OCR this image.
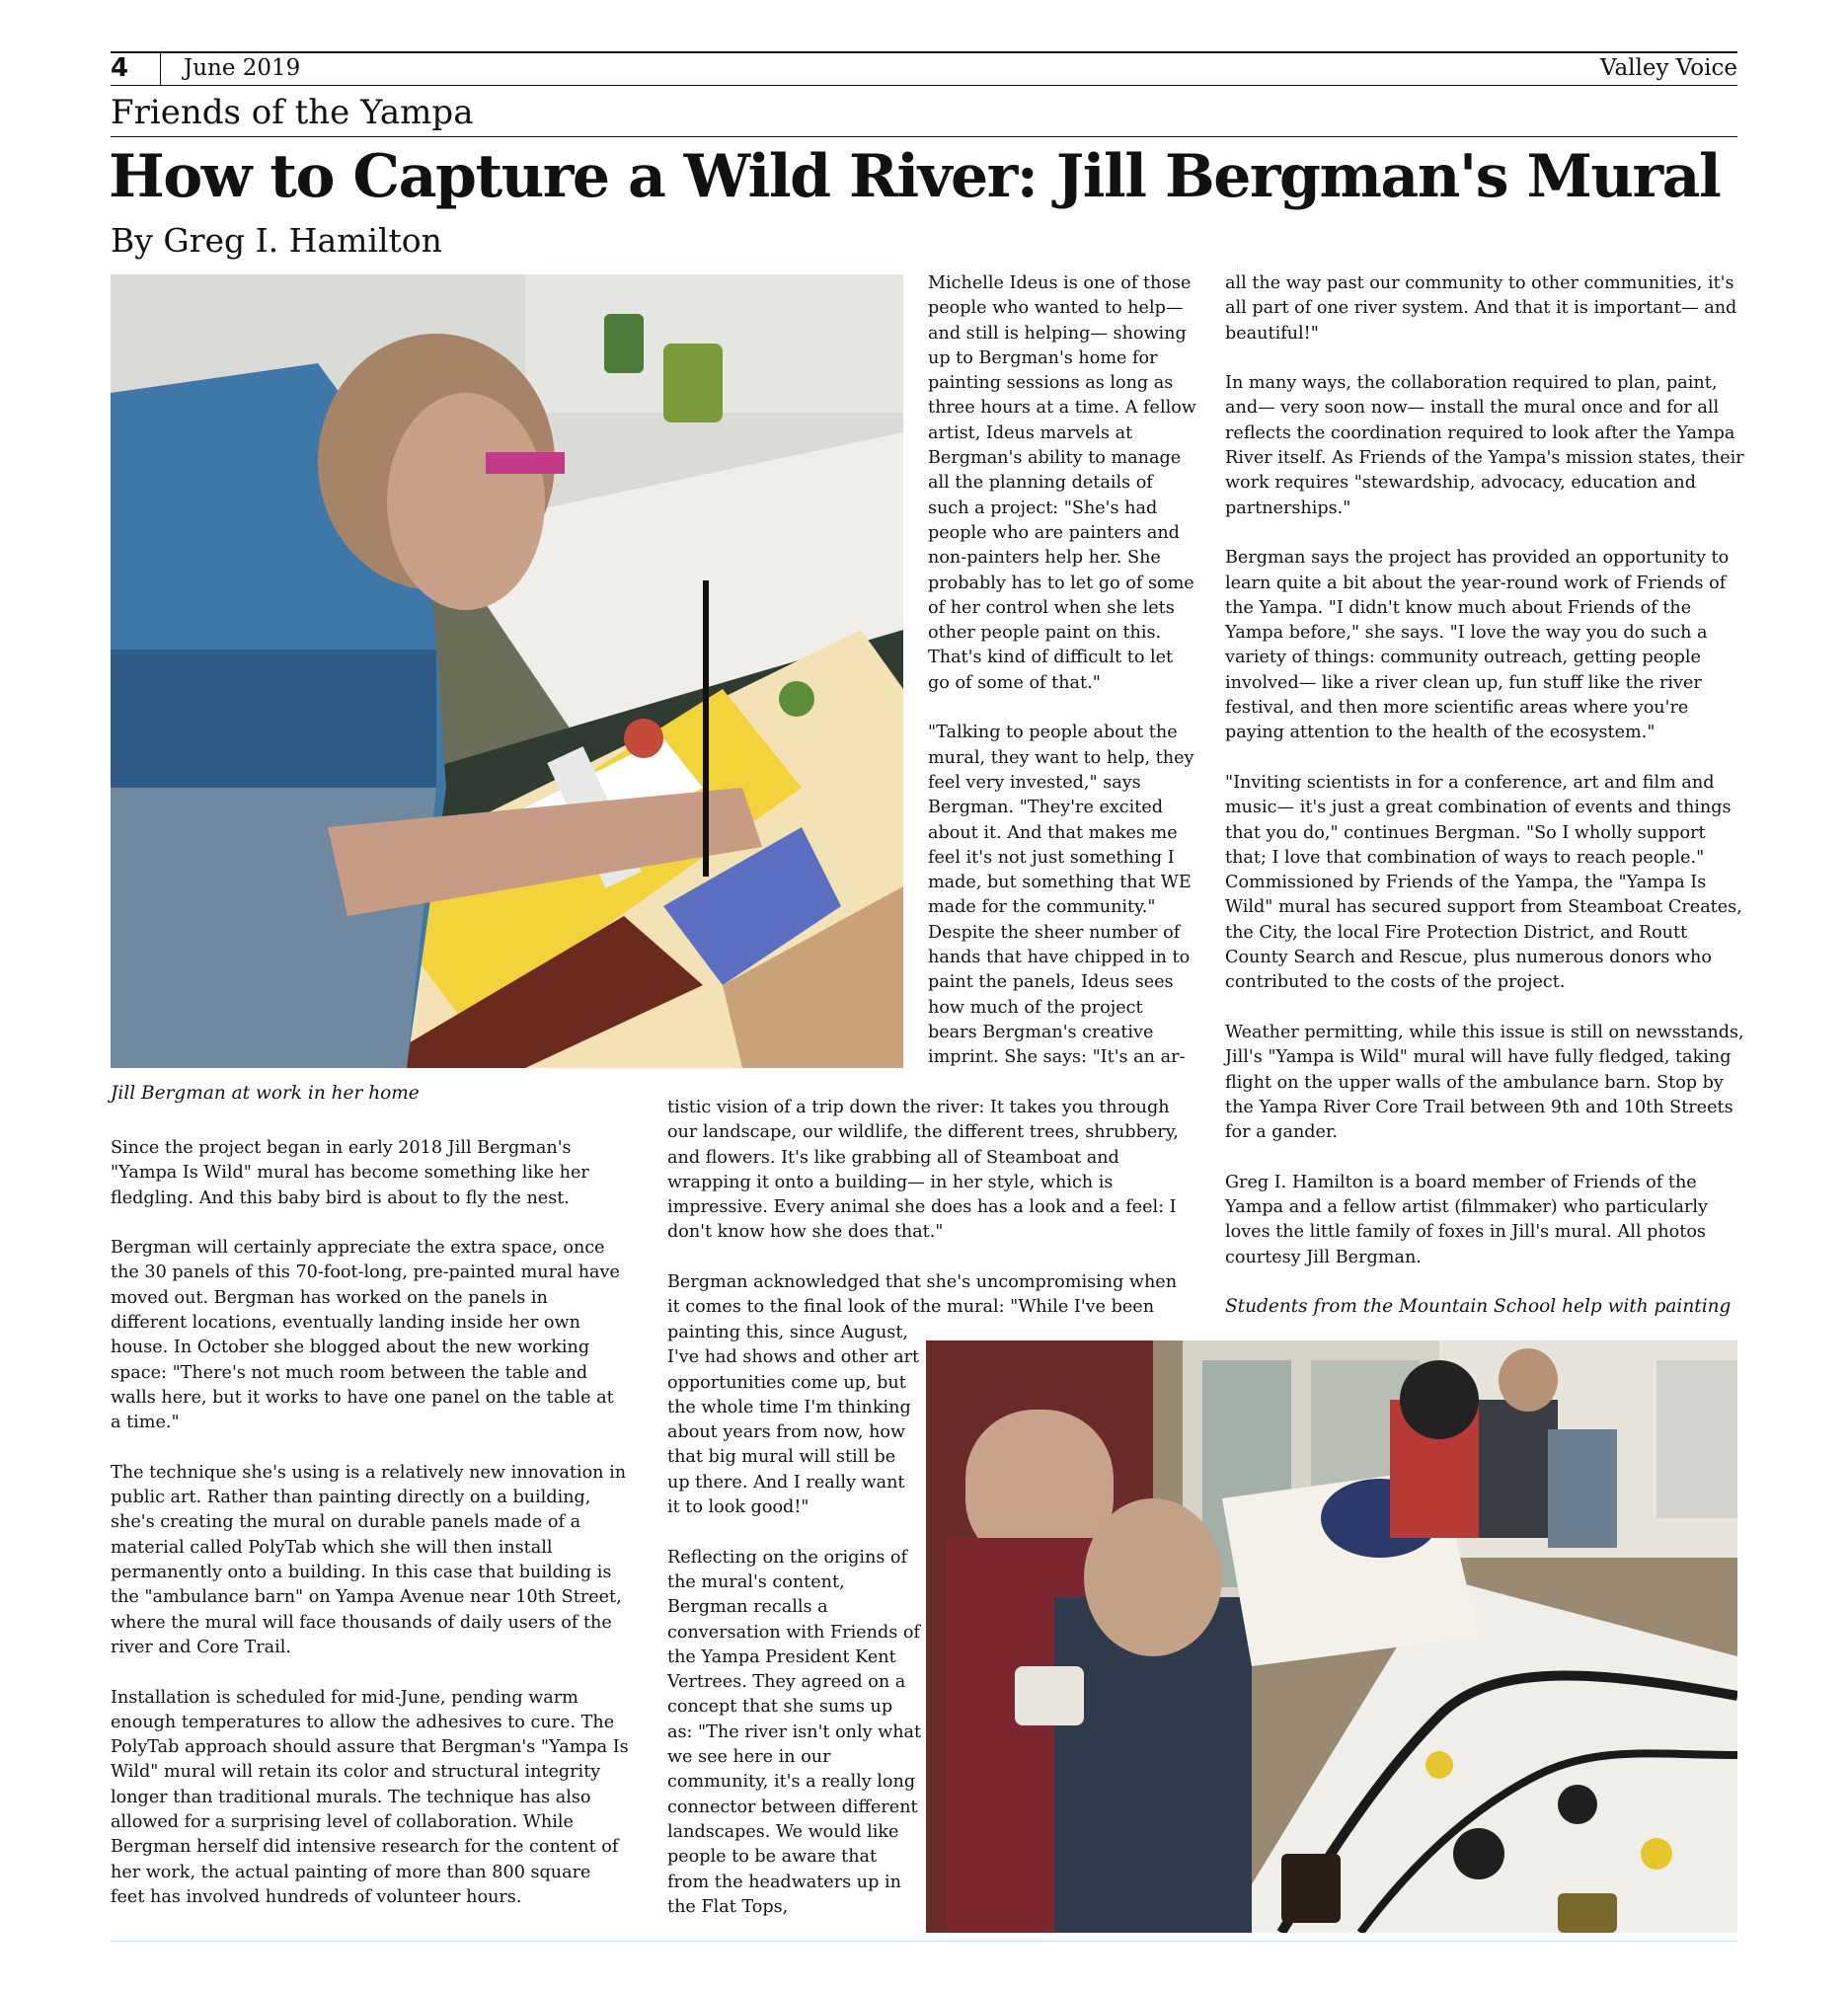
4	June 2019	Valley Voice
Friends of the Yampa
How to Capture a Wild River: Jill Bergman's Mural
By Greg I. Hamilton
Jill Bergman at work in her home

Since the project began in early 2018 Jill Bergman's "Yampa Is Wild" mural has become something like her fledgling. And this baby bird is about to fly the nest.

Bergman will certainly appreciate the extra space, once the 30 panels of this 70-foot-long, pre-painted mural have moved out. Bergman has worked on the panels in different locations, eventually landing inside her own house. In October she blogged about the new working space: "There's not much room between the table and walls here, but it works to have one panel on the table at a time."

The technique she's using is a relatively new innovation in public art. Rather than painting directly on a building, she's creating the mural on durable panels made of a material called PolyTab which she will then install permanently onto a building. In this case that building is the "ambulance barn" on Yampa Avenue near 10th Street, where the mural will face thousands of daily users of the river and Core Trail.

Installation is scheduled for mid-June, pending warm enough temperatures to allow the adhesives to cure. The PolyTab approach should assure that Bergman's "Yampa Is Wild" mural will retain its color and structural integrity longer than traditional murals. The technique has also allowed for a surprising level of collaboration. While Bergman herself did intensive research for the content of her work, the actual painting of more than 800 square feet has involved hundreds of volunteer hours.

Michelle Ideus is one of those people who wanted to help— and still is helping— showing up to Bergman's home for painting sessions as long as three hours at a time. A fellow artist, Ideus marvels at Bergman's ability to manage all the planning details of such a project: "She's had people who are painters and non-painters help her. She probably has to let go of some of her control when she lets other people paint on this. That's kind of difficult to let go of some of that."

"Talking to people about the mural, they want to help, they feel very invested," says Bergman. "They're excited about it. And that makes me feel it's not just something I made, but something that WE made for the community." Despite the sheer number of hands that have chipped in to paint the panels, Ideus sees how much of the project bears Bergman's creative imprint. She says: "It's an ar-

tistic vision of a trip down the river: It takes you through our landscape, our wildlife, the different trees, shrubbery, and flowers. It's like grabbing all of Steamboat and wrapping it onto a building— in her style, which is impressive. Every animal she does has a look and a feel: I don't know how she does that."

Bergman acknowledged that she's uncompromising when it comes to the final look of the mural: "While I've been

painting this, since August, I've had shows and other art opportunities come up, but the whole time I'm thinking about years from now, how that big mural will still be up there. And I really want it to look good!"

Reflecting on the origins of the mural's content, Bergman recalls a conversation with Friends of the Yampa President Kent Vertrees. They agreed on a concept that she sums up as: "The river isn't only what we see here in our community, it's a really long connector between different landscapes. We would like people to be aware that from the headwaters up in the Flat Tops,

all the way past our community to other communities, it's all part of one river system. And that it is important— and beautiful!"

In many ways, the collaboration required to plan, paint, and— very soon now— install the mural once and for all reflects the coordination required to look after the Yampa River itself. As Friends of the Yampa's mission states, their work requires "stewardship, advocacy, education and partnerships."

Bergman says the project has provided an opportunity to learn quite a bit about the year-round work of Friends of the Yampa. "I didn't know much about Friends of the Yampa before," she says. "I love the way you do such a variety of things: community outreach, getting people involved— like a river clean up, fun stuff like the river festival, and then more scientific areas where you're paying attention to the health of the ecosystem."

"Inviting scientists in for a conference, art and film and music— it's just a great combination of events and things that you do," continues Bergman. "So I wholly support that; I love that combination of ways to reach people." Commissioned by Friends of the Yampa, the "Yampa Is Wild" mural has secured support from Steamboat Creates, the City, the local Fire Protection District, and Routt County Search and Rescue, plus numerous donors who contributed to the costs of the project.

Weather permitting, while this issue is still on newsstands, Jill's "Yampa is Wild" mural will have fully fledged, taking flight on the upper walls of the ambulance barn. Stop by the Yampa River Core Trail between 9th and 10th Streets for a gander.

Greg I. Hamilton is a board member of Friends of the Yampa and a fellow artist (filmmaker) who particularly loves the little family of foxes in Jill's mural. All photos courtesy Jill Bergman.

Students from the Mountain School help with painting
